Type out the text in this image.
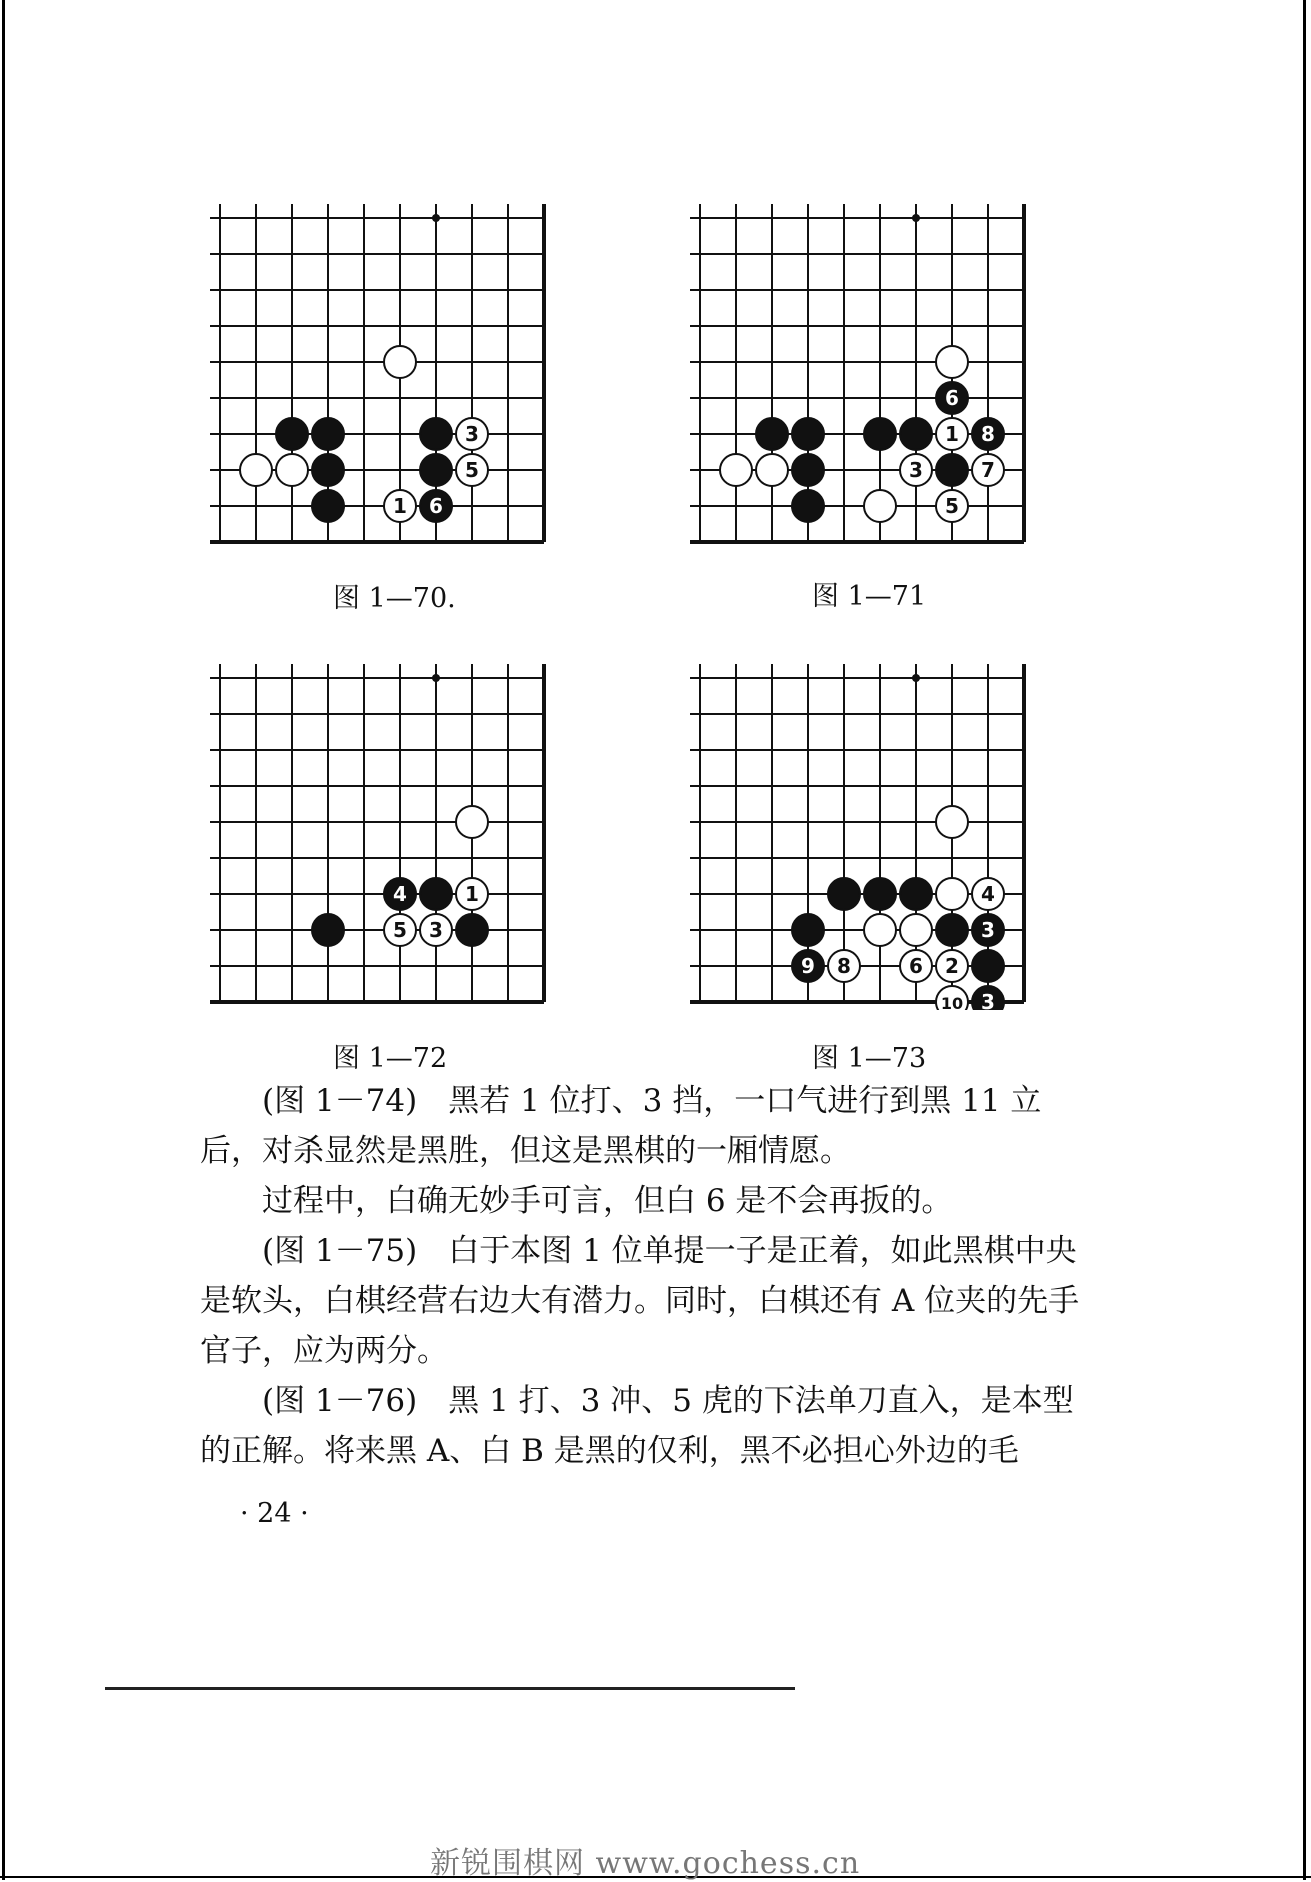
3
5
1 6
6
1 8
3	7
5
4	1
5 3
4
3
9 8	6 2
10 3
图 1—70.	图 1—71
图 1—72	图 1—73

(图 1－74)　黑若 1 位打、3 挡，一口气进行到黑 11 立后，对杀显然是黑胜，但这是黑棋的一厢情愿。

过程中，白确无妙手可言，但白 6 是不会再扳的。

(图 1－75)　白于本图 1 位单提一子是正着，如此黑棋中央是软头，白棋经营右边大有潜力。同时，白棋还有 A 位夹的先手官子，应为两分。

(图 1－76)　黑 1 打、3 冲、5 虎的下法单刀直入，是本型的正解。将来黑 A、白 B 是黑的仅利，黑不必担心外边的毛

· 24 ·
新锐围棋网 www.gochess.cn
